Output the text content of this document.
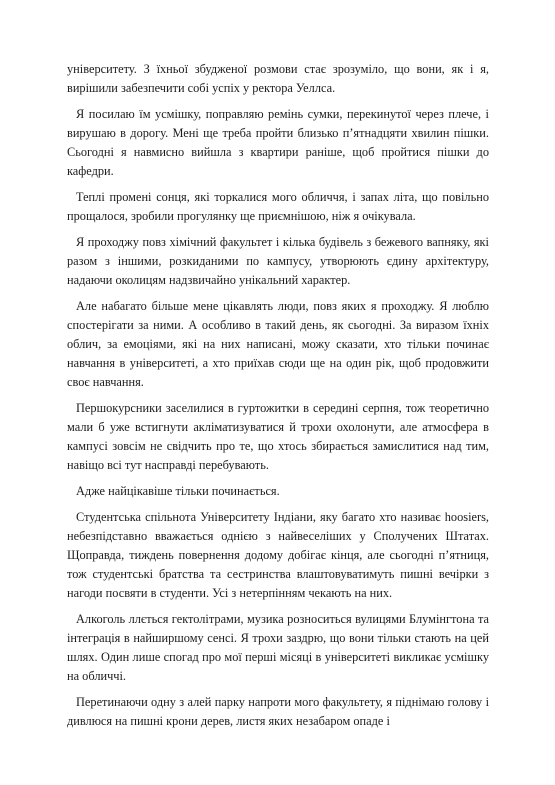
університету. З їхньої збудженої розмови стає зрозуміло, що вони, як і я, вирішили забезпечити собі успіх у ректора Уеллса.

Я посилаю їм усмішку, поправляю ремінь сумки, перекинутої через плече, і вирушаю в дорогу. Мені ще треба пройти близько п’ятнадцяти хвилин пішки. Сьогодні я навмисно вийшла з квартири раніше, щоб пройтися пішки до кафедри.

Теплі промені сонця, які торкалися мого обличчя, і запах літа, що повільно прощалося, зробили прогулянку ще приємнішою, ніж я очікувала.

Я проходжу повз хімічний факультет і кілька будівель з бежевого вапняку, які разом з іншими, розкиданими по кампусу, утворюють єдину архітектуру, надаючи околицям надзвичайно унікальний характер.

Але набагато більше мене цікавлять люди, повз яких я проходжу. Я люблю спостерігати за ними. А особливо в такий день, як сьогодні. За виразом їхніх облич, за емоціями, які на них написані, можу сказати, хто тільки починає навчання в університеті, а хто приїхав сюди ще на один рік, щоб продовжити своє навчання.

Першокурсники заселилися в гуртожитки в середині серпня, тож теоретично мали б уже встигнути акліматизуватися й трохи охолонути, але атмосфера в кампусі зовсім не свідчить про те, що хтось збирається замислитися над тим, навіщо всі тут насправді перебувають.

Адже найцікавіше тільки починається.

Студентська спільнота Університету Індіани, яку багато хто називає hoosiers, небезпідставно вважається однією з найвеселіших у Сполучених Штатах. Щоправда, тиждень повернення додому добігає кінця, але сьогодні п’ятниця, тож студентські братства та сестринства влаштовуватимуть пишні вечірки з нагоди посвяти в студенти. Усі з нетерпінням чекають на них.

Алкоголь ллється гектолітрами, музика розноситься вулицями Блумінгтона та інтеграція в найширшому сенсі. Я трохи заздрю, що вони тільки стають на цей шлях. Один лише спогад про мої перші місяці в університеті викликає усмішку на обличчі.

Перетинаючи одну з алей парку напроти мого факультету, я піднімаю голову і дивлюся на пишні крони дерев, листя яких незабаром опаде і
